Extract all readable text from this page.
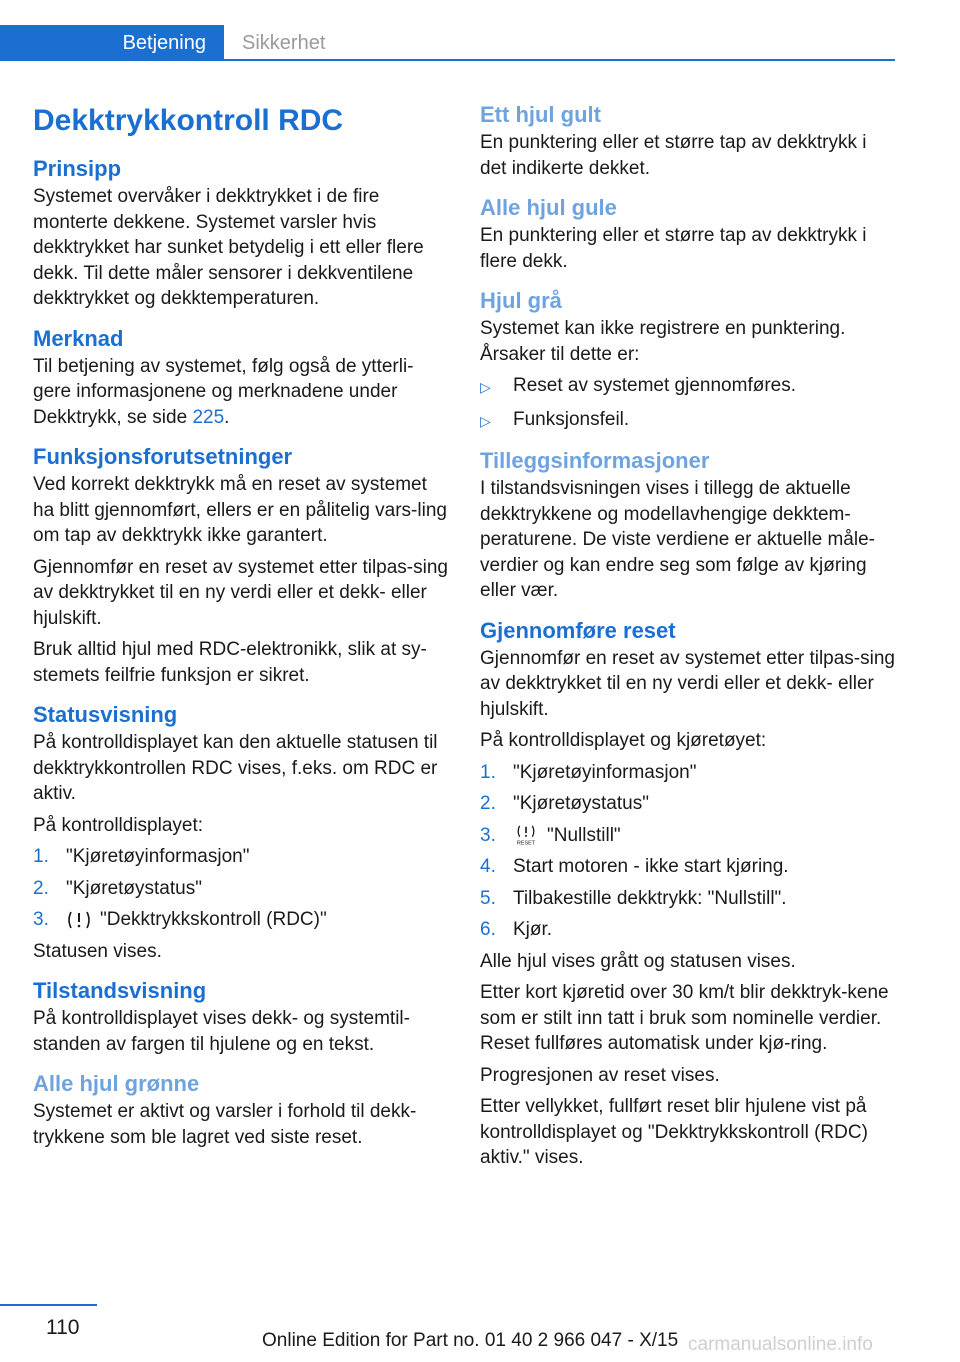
Betjening Sikkerhet
Dekktrykkontroll RDC
Prinsipp

Systemet overvåker i dekktrykket i de fire monterte dekkene. Systemet varsler hvis dekktrykket har sunket betydelig i ett eller flere dekk. Til dette måler sensorer i dekkventilene dekktrykket og dekktemperaturen.

Merknad

Til betjening av systemet, følg også de ytterli‐gere informasjonene og merknadene under Dekktrykk, se side 225.

Funksjonsforutsetninger

Ved korrekt dekktrykk må en reset av systemet ha blitt gjennomført, ellers er en pålitelig vars‐ling om tap av dekktrykk ikke garantert.

Gjennomfør en reset av systemet etter tilpas‐sing av dekktrykket til en ny verdi eller et dekk- eller hjulskift.

Bruk alltid hjul med RDC-elektronikk, slik at sy‐stemets feilfrie funksjon er sikret.

Statusvisning

På kontrolldisplayet kan den aktuelle statusen til dekktrykkontrollen RDC vises, f.eks. om RDC er aktiv.

På kontrolldisplayet:

1. "Kjøretøyinformasjon"
2. "Kjøretøystatus"
3.	"Dekktrykkskontroll (RDC)"

Statusen vises.

Tilstandsvisning

På kontrolldisplayet vises dekk- og systemtil‐standen av fargen til hjulene og en tekst.

Alle hjul grønne

Systemet er aktivt og varsler i forhold til dekk‐trykkene som ble lagret ved siste reset.

Ett hjul gult

En punktering eller et større tap av dekktrykk i det indikerte dekket.

Alle hjul gule

En punktering eller et større tap av dekktrykk i flere dekk.

Hjul grå

Systemet kan ikke registrere en punktering. Årsaker til dette er:

▷	Reset av systemet gjennomføres.
▷	Funksjonsfeil.
Tilleggsinformasjoner

I tilstandsvisningen vises i tillegg de aktuelle dekktrykkene og modellavhengige dekktem‐peraturene. De viste verdiene er aktuelle måle‐verdier og kan endre seg som følge av kjøring eller vær.

Gjennomføre reset

Gjennomfør en reset av systemet etter tilpas‐sing av dekktrykket til en ny verdi eller et dekk- eller hjulskift.

På kontrolldisplayet og kjøretøyet:

1. "Kjøretøyinformasjon"
2. "Kjøretøystatus"
3.	RESET "Nullstill"
4. Start motoren - ikke start kjøring.
5. Tilbakestille dekktrykk: "Nullstill".
6. Kjør.

Alle hjul vises grått og statusen vises.

Etter kort kjøretid over 30 km/t blir dekktryk‐kene som er stilt inn tatt i bruk som nominelle verdier. Reset fullføres automatisk under kjø‐ring.

Progresjonen av reset vises.

Etter vellykket, fullført reset blir hjulene vist på kontrolldisplayet og "Dekktrykkskontroll (RDC) aktiv." vises.

110
Online Edition for Part no. 01 40 2 966 047 - X/15 carmanualsonline.info
